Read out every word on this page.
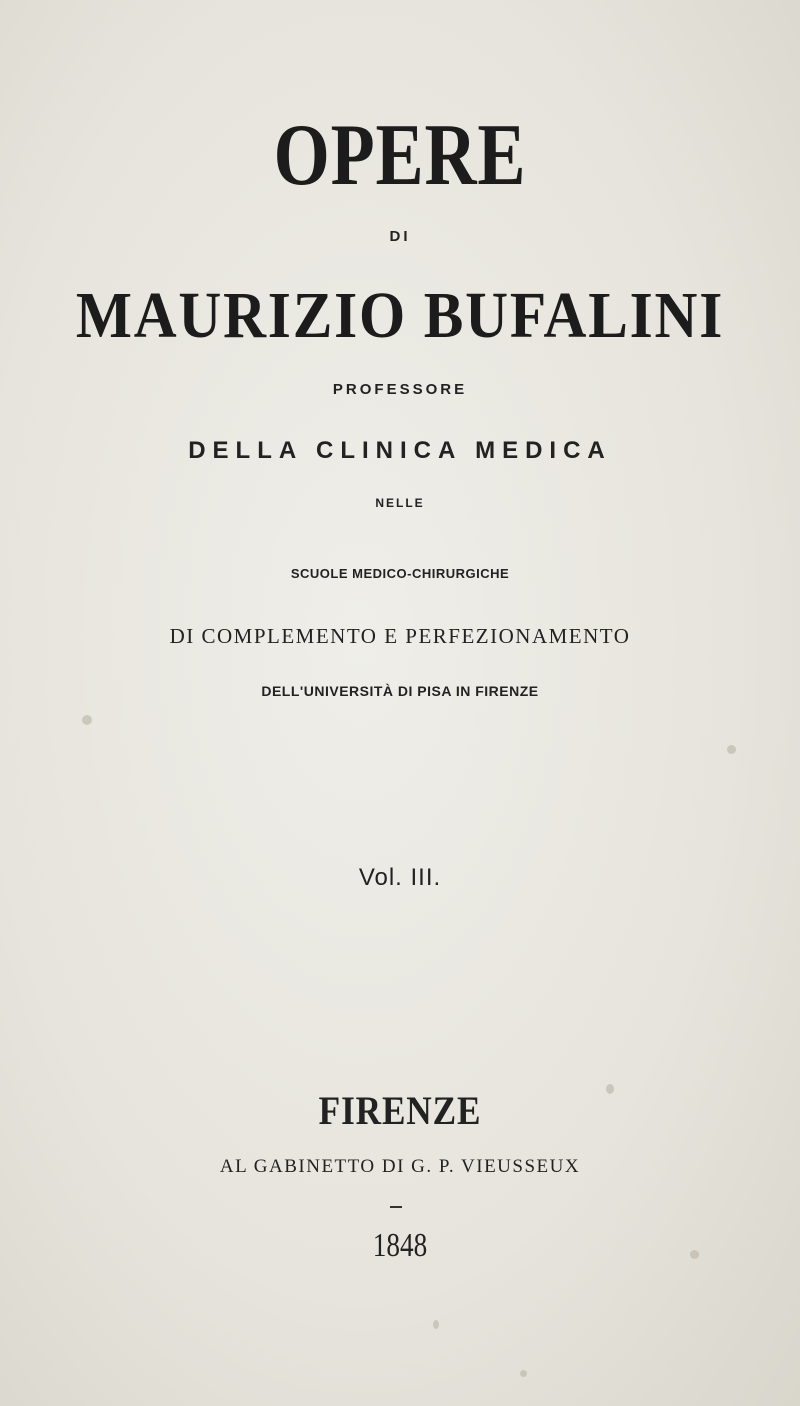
OPERE
DI
MAURIZIO BUFALINI
PROFESSORE
DELLA CLINICA MEDICA
NELLE
SCUOLE MEDICO-CHIRURGICHE
DI COMPLEMENTO E PERFEZIONAMENTO
DELL'UNIVERSITÀ DI PISA IN FIRENZE
Vol. III.
FIRENZE
AL GABINETTO DI G. P. VIEUSSEUX
1848
